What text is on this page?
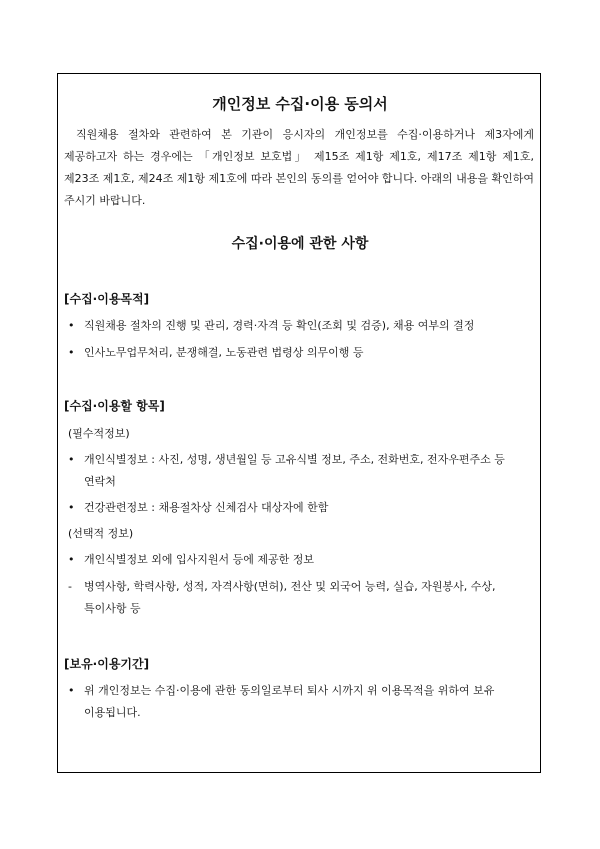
개인정보 수집·이용 동의서

직원채용 절차와 관련하여 본 기관이 응시자의 개인정보를 수집·이용하거나 제3자에게 제공하고자 하는 경우에는 「개인정보 보호법」 제15조 제1항 제1호, 제17조 제1항 제1호, 제23조 제1호, 제24조 제1항 제1호에 따라 본인의 동의를 얻어야 합니다. 아래의 내용을 확인하여 주시기 바랍니다.

수집·이용에 관한 사항
[수집·이용목적]
• 직원채용 절차의 진행 및 관리, 경력·자격 등 확인(조회 및 검증), 채용 여부의 결정
• 인사노무업무처리, 분쟁해결, 노동관련 법령상 의무이행 등
[수집·이용할 항목]
(필수적정보)
• 개인식별정보 : 사진, 성명, 생년월일 등 고유식별 정보, 주소, 전화번호, 전자우편주소 등 연락처
• 건강관련정보 : 채용절차상 신체검사 대상자에 한함
(선택적 정보)
• 개인식별정보 외에 입사지원서 등에 제공한 정보
-	병역사항, 학력사항, 성적, 자격사항(면허), 전산 및 외국어 능력, 실습, 자원봉사, 수상, 특이사항 등
[보유·이용기간]
• 위 개인정보는 수집·이용에 관한 동의일로부터 퇴사 시까지 위 이용목적을 위하여 보유 이용됩니다.
